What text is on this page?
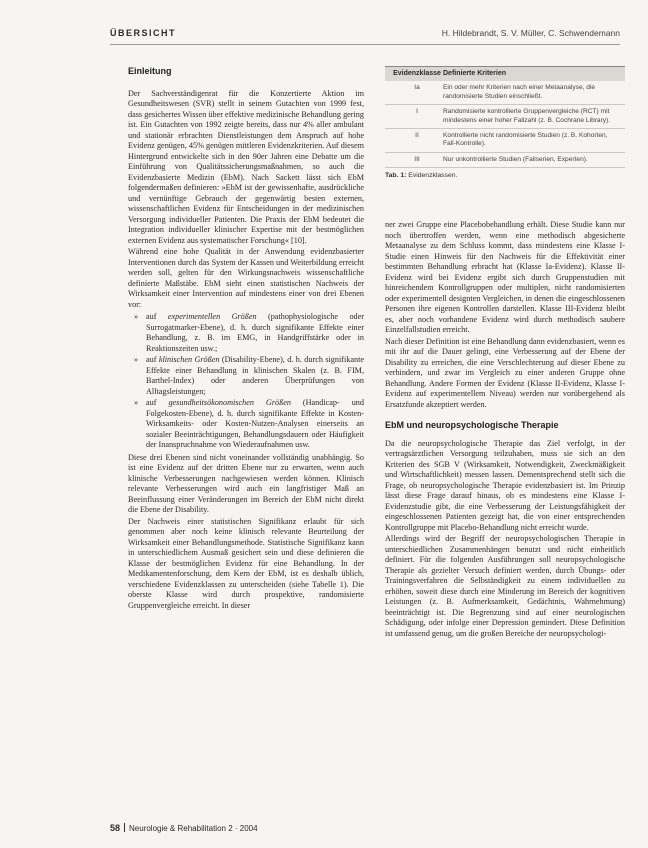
ÜBERSICHT	H. Hildebrandt, S. V. Müller, C. Schwendemann
Einleitung

Der Sachverständigenrat für die Konzertierte Aktion im Gesundheitswesen (SVR) stellt in seinem Gutachten von 1999 fest, dass gesichertes Wissen über effektive medizinische Behandlung gering ist. Ein Gutachten von 1992 zeigte bereits, dass nur 4% aller ambulant und stationär erbrachten Dienstleistungen dem Anspruch auf hohe Evidenz genügen, 45% genügen mittleren Evidenzkriterien. Auf diesem Hintergrund entwickelte sich in den 90er Jahren eine Debatte um die Einführung von Qualitätssicherungsmaßnahmen, so auch die Evidenzbasierte Medizin (EbM). Nach Sackett lässt sich EbM folgendermaßen definieren: »EbM ist der gewissenhafte, ausdrückliche und vernünftige Gebrauch der gegenwärtig besten externen, wissenschaftlichen Evidenz für Entscheidungen in der medizinischen Versorgung individueller Patienten. Die Praxis der EbM bedeutet die Integration individueller klinischer Expertise mit der bestmöglichen externen Evidenz aus systematischer Forschung« [10].

Während eine hohe Qualität in der Anwendung evidenzbasierter Interventionen durch das System der Kassen und Weiterbildung erreicht werden soll, gelten für den Wirkungsnachweis wissenschaftliche definierte Maßstäbe. EbM sieht einen statistischen Nachweis der Wirksamkeit einer Intervention auf mindestens einer von drei Ebenen vor:

» auf experimentellen Größen (pathophysiologische oder Surrogatmarker-Ebene), d. h. durch signifikante Effekte einer Behandlung, z. B. im EMG, in Handgriffstärke oder in Reaktionszeiten usw.;
» auf klinischen Größen (Disability-Ebene), d. h. durch signifikante Effekte einer Behandlung in klinischen Skalen (z. B. FIM, Barthel-Index) oder anderen Überprüfungen von Alltagsleistungen;
» auf gesundheitsökonomischen Größen (Handicap- und Folgekosten-Ebene), d. h. durch signifikante Effekte in Kosten-Wirksamkeits- oder Kosten-Nutzen-Analysen einerseits an sozialer Beeinträchtigungen, Behandlungsdauern oder Häufigkeit der Inanspruchnahme von Wiederaufnahmen usw.

Diese drei Ebenen sind nicht voneinander vollständig unabhängig. So ist eine Evidenz auf der dritten Ebene nur zu erwarten, wenn auch klinische Verbesserungen nachgewiesen werden können. Klinisch relevante Verbesserungen wird auch ein langfristiger Maß an Beeinflussung einer Veränderungen im Bereich der EbM nicht direkt die Ebene der Disability.

Der Nachweis einer statistischen Signifikanz erlaubt für sich genommen aber noch keine klinisch relevante Beurteilung der Wirksamkeit einer Behandlungsmethode. Statistische Signifikanz kann in unterschiedlichem Ausmaß gesichert sein und diese definieren die Klasse der bestmöglichen Evidenz für eine Behandlung. In der Medikamentenforschung, dem Kern der EbM, ist es deshalb üblich, verschiedene Evidenzklassen zu unterscheiden (siehe Tabelle 1). Die oberste Klasse wird durch prospektive, randomisierte Gruppenvergleiche erreicht. In dieser

Evidenzklasse Definierte Kriterien
Ia	Ein oder mehr Kriterien nach einer Metaanalyse, die randomisierte Studien einschließt.
I	Randomisierte kontrollierte Gruppenvergleiche (RCT) mit mindestens einer hoher Fallzahl (z. B. Cochrane Library).
II	Kontrollierte nicht randomisierte Studien (z. B. Kohorten, Fall-Kontrolle).
III	Nur unkontrollierte Studien (Fallserien, Experten).
Tab. 1: Evidenzklassen.

ner zwei Gruppe eine Placebobehandlung erhält. Diese Studie kann nur noch übertroffen werden, wenn eine methodisch abgesicherte Metaanalyse zu dem Schluss kommt, dass mindestens eine Klasse I-Studie einen Hinweis für den Nachweis für die Effektivität einer bestimmten Behandlung erbracht hat (Klasse Ia-Evidenz). Klasse II-Evidenz wird bei Evidenz ergibt sich durch Gruppenstudien mit hinreichendem Kontrollgruppen oder multiplen, nicht randomisierten oder experimentell designten Vergleichen, in denen die eingeschlossenen Personen ihre eigenen Kontrollen darstellen. Klasse III-Evidenz bleibt es, aber noch vorhandene Evidenz wird durch methodisch saubere Einzelfallstudien erreicht.

Nach dieser Definition ist eine Behandlung dann evidenzbasiert, wenn es mit ihr auf die Dauer gelingt, eine Verbesserung auf der Ebene der Disability zu erreichen, die eine Verschlechterung auf dieser Ebene zu verhindern, und zwar im Vergleich zu einer anderen Gruppe ohne Behandlung. Andere Formen der Evidenz (Klasse II-Evidenz, Klasse I-Evidenz auf experimentellem Niveau) werden nur vorübergehend als Ersatzfunde akzeptiert werden.

EbM und neuropsychologische Therapie

Da die neuropsychologische Therapie das Ziel verfolgt, in der vertragsärztlichen Versorgung teilzuhaben, muss sie sich an den Kriterien des SGB V (Wirksamkeit, Notwendigkeit, Zweckmäßigkeit und Wirtschaftlichkeit) messen lassen. Dementsprechend stellt sich die Frage, ob neuropsychologische Therapie evidenzbasiert ist. Im Prinzip lässt diese Frage darauf hinaus, ob es mindestens eine Klasse I-Evidenzstudie gibt, die eine Verbesserung der Leistungsfähigkeit der eingeschlossenen Patienten gezeigt hat, die von einer entsprechenden Kontrollgruppe mit Placebo-Behandlung nicht erreicht wurde.

Allerdings wird der Begriff der neuropsychologischen Therapie in unterschiedlichen Zusammenhängen benutzt und nicht einheitlich definiert. Für die folgenden Ausführungen soll neuropsychologische Therapie als gezielter Versuch definiert werden, durch Übungs- oder Trainingsverfahren die Selbständigkeit zu einem individuellen zu erhöhen, soweit diese durch eine Minderung im Bereich der kognitiven Leistungen (z. B. Aufmerksamkeit, Gedächtnis, Wahrnehmung) beeinträchtigt ist. Die Begrenzung sind auf einer neurologischen Schädigung, oder infolge einer Depression gemindert. Diese Definition ist umfassend genug, um die großen Bereiche der neuropsychologi-

58 Neurologie & Rehabilitation 2 · 2004
